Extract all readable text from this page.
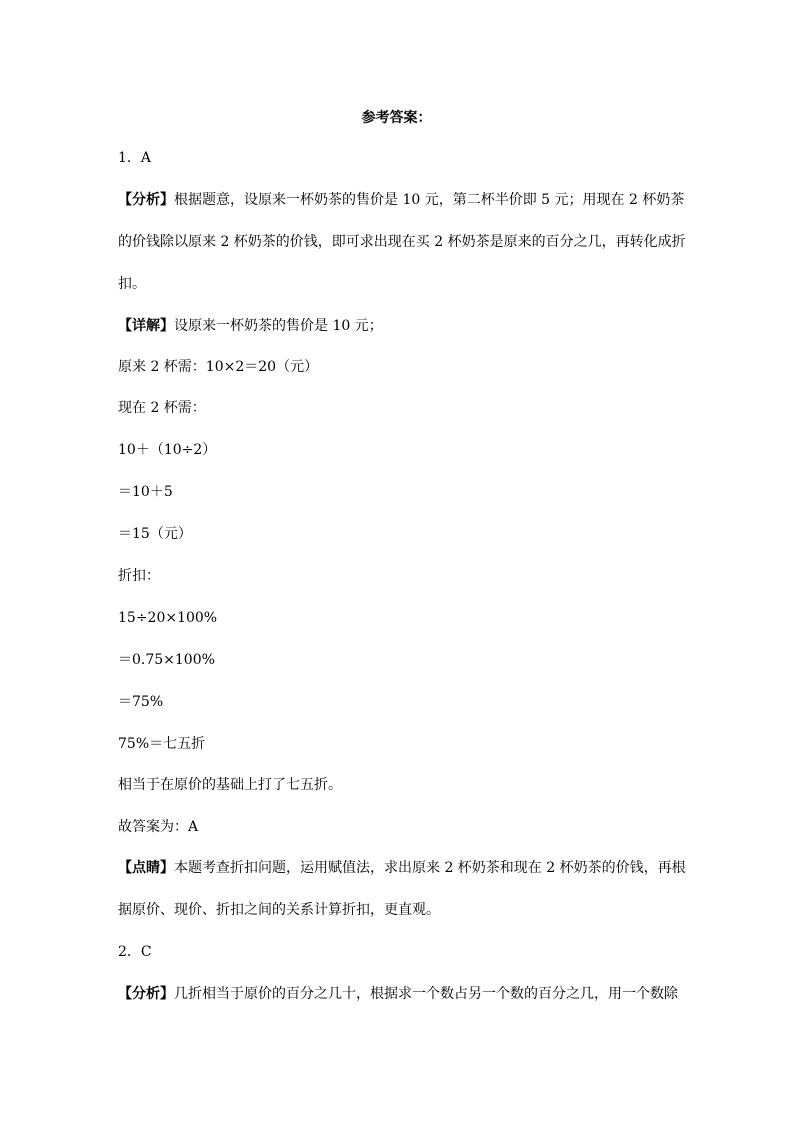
参考答案：
1．A
【分析】根据题意，设原来一杯奶茶的售价是 10 元，第二杯半价即 5 元；用现在 2 杯奶茶
的价钱除以原来 2 杯奶茶的价钱，即可求出现在买 2 杯奶茶是原来的百分之几，再转化成折
扣。
【详解】设原来一杯奶茶的售价是 10 元；
原来 2 杯需：10×2＝20（元）
现在 2 杯需：
10＋（10÷2）
＝10＋5
＝15（元）
折扣：
15÷20×100%
＝0.75×100%
＝75%
75%＝七五折
相当于在原价的基础上打了七五折。
故答案为：A
【点睛】本题考查折扣问题，运用赋值法，求出原来 2 杯奶茶和现在 2 杯奶茶的价钱，再根
据原价、现价、折扣之间的关系计算折扣，更直观。
2．C
【分析】几折相当于原价的百分之几十，根据求一个数占另一个数的百分之几，用一个数除
